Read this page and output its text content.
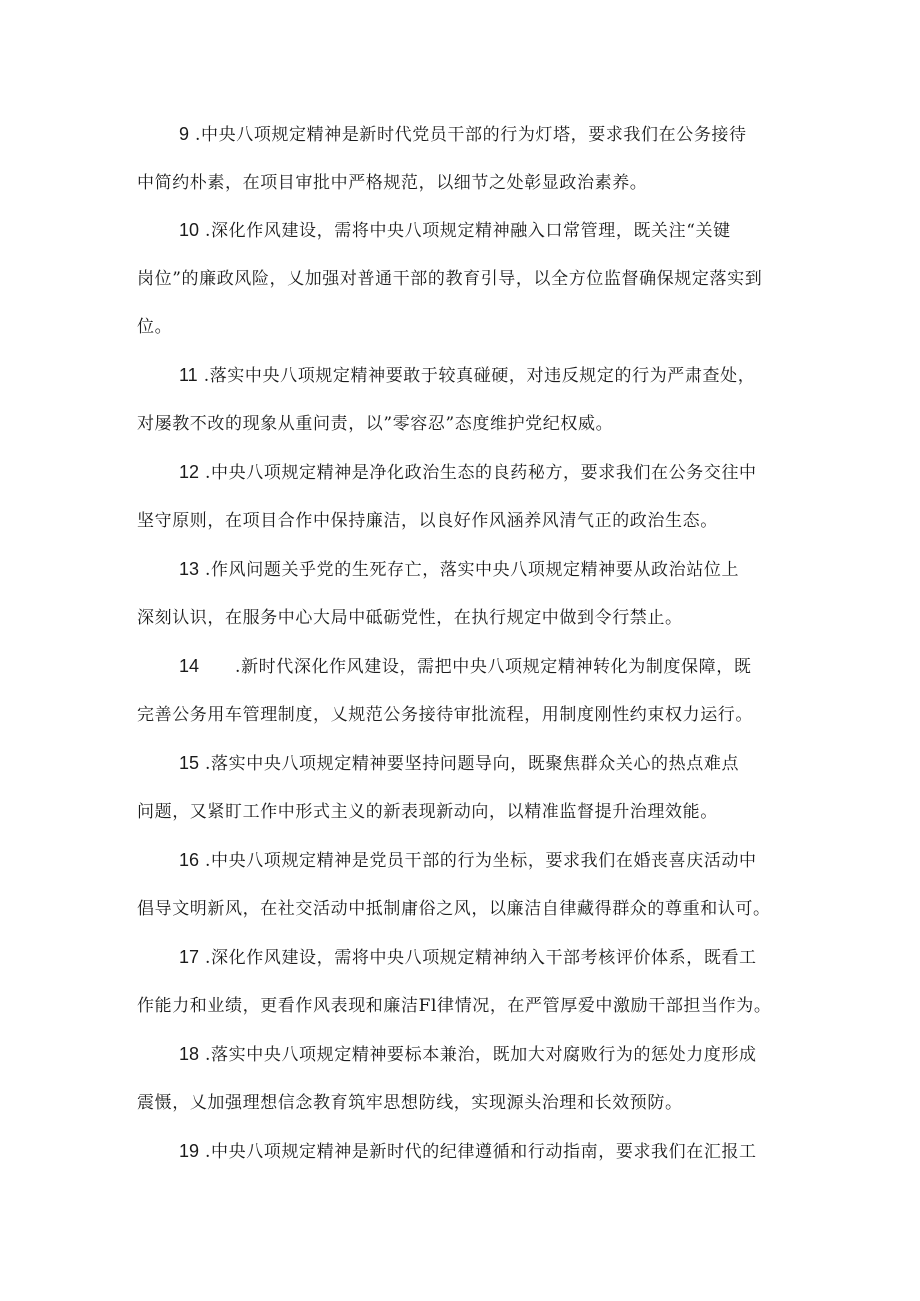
9 .中央八项规定精神是新时代党员干部的行为灯塔，要求我们在公务接待
中简约朴素，在项目审批中严格规范，以细节之处彰显政治素养。

10 .深化作风建设，需将中央八项规定精神融入口常管理，既关注“关键
岗位”的廉政风险，乂加强对普通干部的教育引导，以全方位监督确保规定落实到
位。

11 .落实中央八项规定精神要敢于较真碰硬，对违反规定的行为严肃查处，
对屡教不改的现象从重问责，以”零容忍”态度维护党纪权威。

12 .中央八项规定精神是净化政治生态的良药秘方，要求我们在公务交往中
坚守原则，在项目合作中保持廉洁，以良好作风涵养风清气正的政治生态。

13 .作风问题关乎党的生死存亡，落实中央八项规定精神要从政治站位上
深刻认识，在服务中心大局中砥砺党性，在执行规定中做到令行禁止。

14      .新时代深化作风建设，需把中央八项规定精神转化为制度保障，既
完善公务用车管理制度，乂规范公务接待审批流程，用制度刚性约束权力运行。

15 .落实中央八项规定精神要坚持问题导向，既聚焦群众关心的热点难点
问题，又紧盯工作中形式主义的新表现新动向，以精准监督提升治理效能。

16 .中央八项规定精神是党员干部的行为坐标，要求我们在婚丧喜庆活动中
倡导文明新风，在社交活动中抵制庸俗之风，以廉洁自律藏得群众的尊重和认可。

17 .深化作风建设，需将中央八项规定精神纳入干部考核评价体系，既看工
作能力和业绩，更看作风表现和廉洁Fl律情况，在严管厚爱中激励干部担当作为。

18 .落实中央八项规定精神要标本兼治，既加大对腐败行为的惩处力度形成
震慑，乂加强理想信念教育筑牢思想防线，实现源头治理和长效预防。

19 .中央八项规定精神是新时代的纪律遵循和行动指南，要求我们在汇报工
